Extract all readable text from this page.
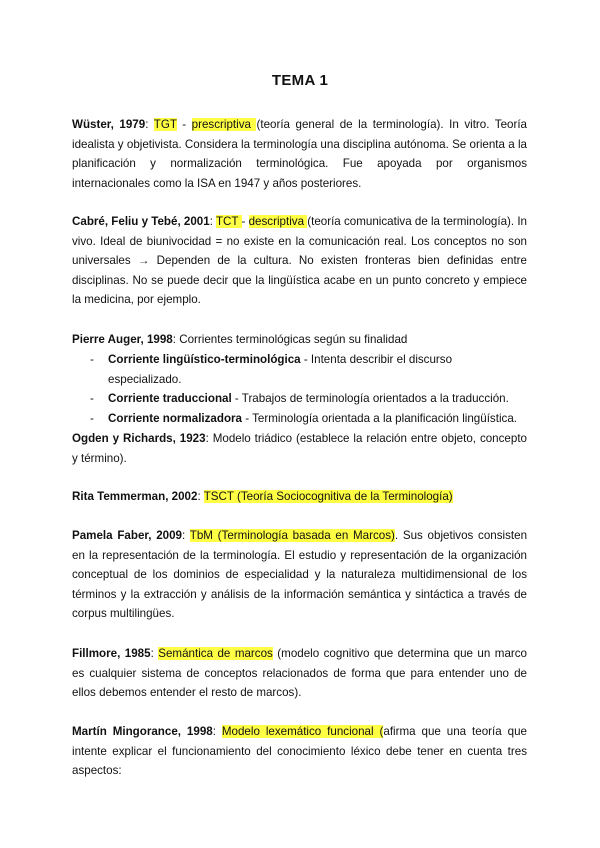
TEMA 1
Wüster, 1979: TGT - prescriptiva (teoría general de la terminología). In vitro. Teoría idealista y objetivista. Considera la terminología una disciplina autónoma. Se orienta a la planificación y normalización terminológica. Fue apoyada por organismos internacionales como la ISA en 1947 y años posteriores.
Cabré, Feliu y Tebé, 2001: TCT - descriptiva (teoría comunicativa de la terminología). In vivo. Ideal de biunivocidad = no existe en la comunicación real. Los conceptos no son universales → Dependen de la cultura. No existen fronteras bien definidas entre disciplinas. No se puede decir que la lingüística acabe en un punto concreto y empiece la medicina, por ejemplo.
Pierre Auger, 1998: Corrientes terminológicas según su finalidad
- Corriente lingüístico-terminológica - Intenta describir el discurso especializado.
- Corriente traduccional - Trabajos de terminología orientados a la traducción.
- Corriente normalizadora - Terminología orientada a la planificación lingüística.
Ogden y Richards, 1923: Modelo triádico (establece la relación entre objeto, concepto y término).
Rita Temmerman, 2002: TSCT (Teoría Sociocognitiva de la Terminología)
Pamela Faber, 2009: TbM (Terminología basada en Marcos). Sus objetivos consisten en la representación de la terminología. El estudio y representación de la organización conceptual de los dominios de especialidad y la naturaleza multidimensional de los términos y la extracción y análisis de la información semántica y sintáctica a través de corpus multilingües.
Fillmore, 1985: Semántica de marcos (modelo cognitivo que determina que un marco es cualquier sistema de conceptos relacionados de forma que para entender uno de ellos debemos entender el resto de marcos).
Martín Mingorance, 1998: Modelo lexemático funcional (afirma que una teoría que intente explicar el funcionamiento del conocimiento léxico debe tener en cuenta tres aspectos:
